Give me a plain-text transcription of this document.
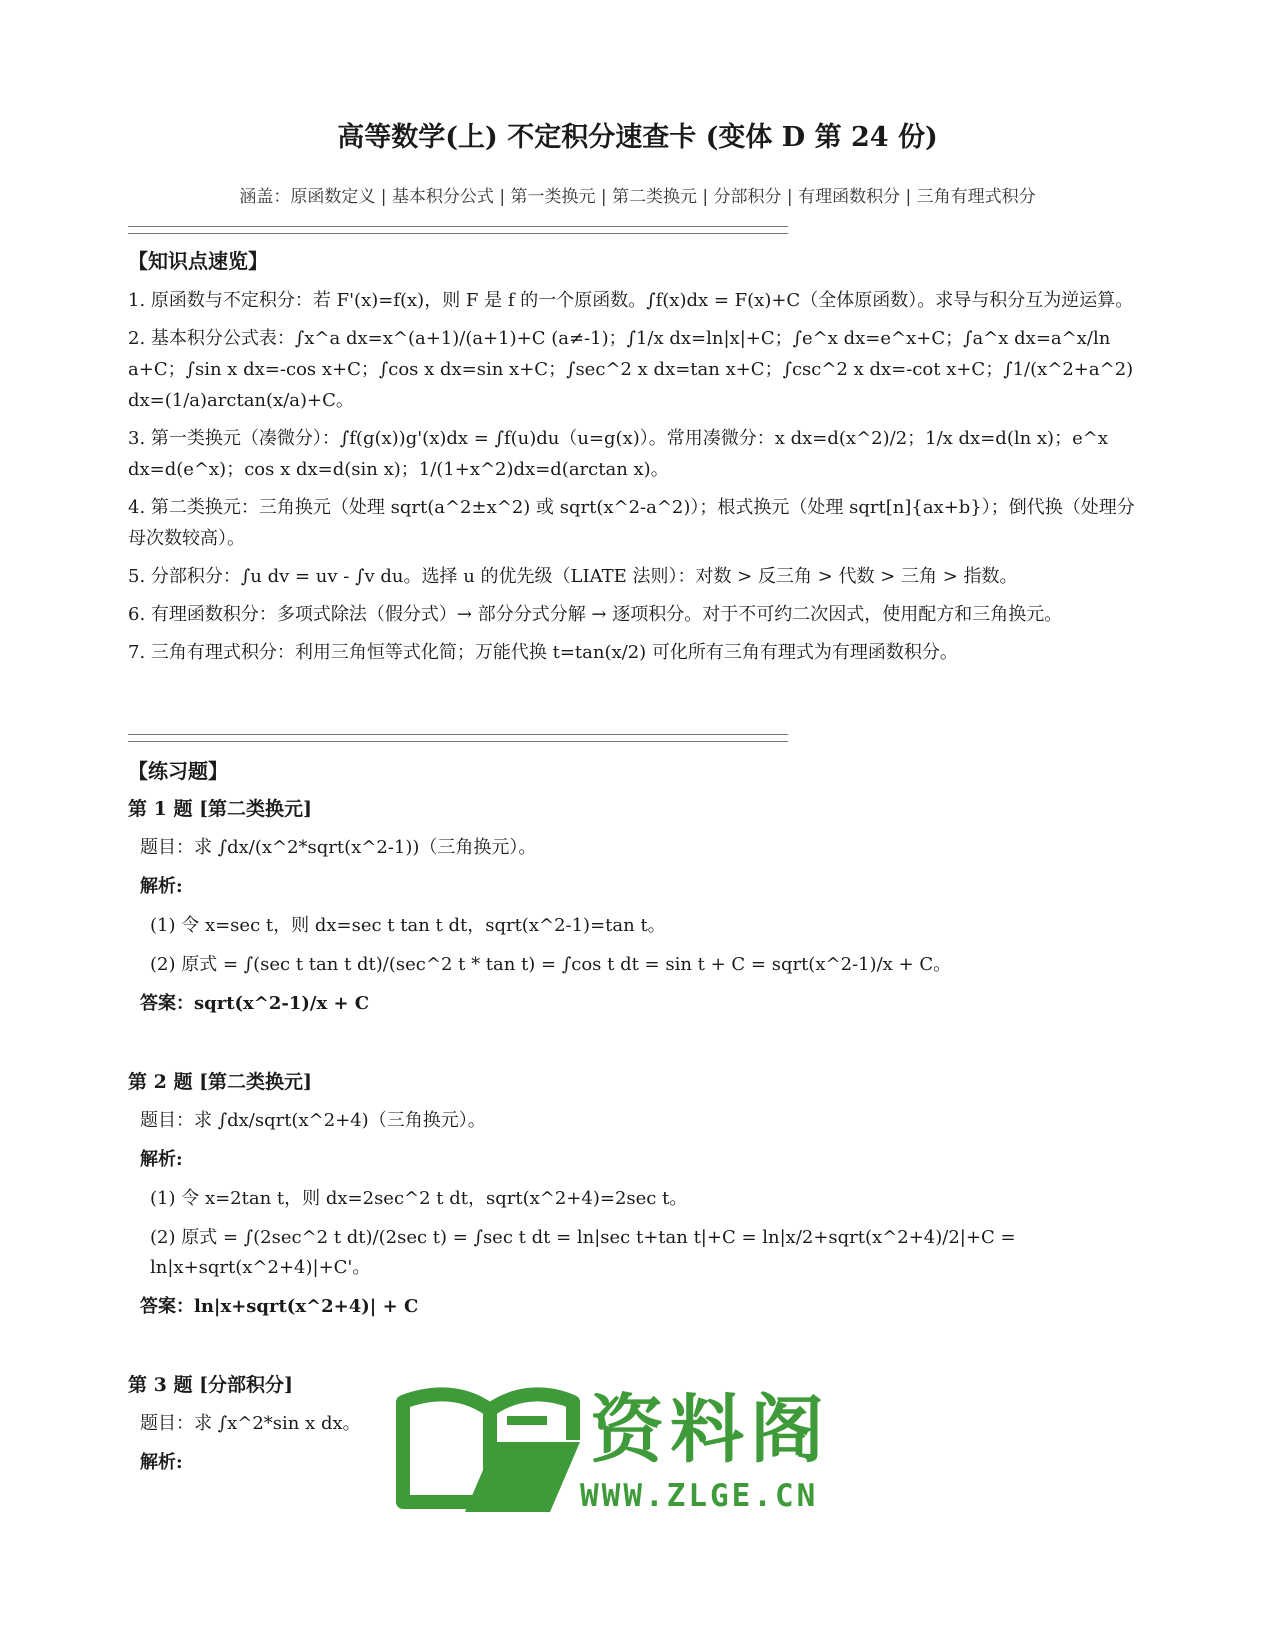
高等数学(上) 不定积分速查卡 (变体 D 第 24 份)
涵盖：原函数定义 | 基本积分公式 | 第一类换元 | 第二类换元 | 分部积分 | 有理函数积分 | 三角有理式积分
【知识点速览】

1. 原函数与不定积分：若 F'(x)=f(x)，则 F 是 f 的一个原函数。∫f(x)dx = F(x)+C（全体原函数）。求导与积分互为逆运算。

2. 基本积分公式表：∫x^a dx=x^(a+1)/(a+1)+C (a≠-1)；∫1/x dx=ln|x|+C；∫e^x dx=e^x+C；∫a^x dx=a^x/ln a+C；∫sin x dx=-cos x+C；∫cos x dx=sin x+C；∫sec^2 x dx=tan x+C；∫csc^2 x dx=-cot x+C；∫1/(x^2+a^2) dx=(1/a)arctan(x/a)+C。

3. 第一类换元（凑微分）：∫f(g(x))g'(x)dx = ∫f(u)du（u=g(x)）。常用凑微分：x dx=d(x^2)/2；1/x dx=d(ln x)；e^x dx=d(e^x)；cos x dx=d(sin x)；1/(1+x^2)dx=d(arctan x)。

4. 第二类换元：三角换元（处理 sqrt(a^2±x^2) 或 sqrt(x^2-a^2)）；根式换元（处理 sqrt[n]{ax+b}）；倒代换（处理分母次数较高）。

5. 分部积分：∫u dv = uv - ∫v du。选择 u 的优先级（LIATE 法则）：对数 > 反三角 > 代数 > 三角 > 指数。

6. 有理函数积分：多项式除法（假分式）→ 部分分式分解 → 逐项积分。对于不可约二次因式，使用配方和三角换元。

7. 三角有理式积分：利用三角恒等式化简；万能代换 t=tan(x/2) 可化所有三角有理式为有理函数积分。

【练习题】
第 1 题 [第二类换元]
题目：求 ∫dx/(x^2*sqrt(x^2-1))（三角换元）。
解析:
(1) 令 x=sec t，则 dx=sec t tan t dt，sqrt(x^2-1)=tan t。
(2) 原式 = ∫(sec t tan t dt)/(sec^2 t * tan t) = ∫cos t dt = sin t + C = sqrt(x^2-1)/x + C。
答案：sqrt(x^2-1)/x + C
第 2 题 [第二类换元]
题目：求 ∫dx/sqrt(x^2+4)（三角换元）。
解析:
(1) 令 x=2tan t，则 dx=2sec^2 t dt，sqrt(x^2+4)=2sec t。
(2) 原式 = ∫(2sec^2 t dt)/(2sec t) = ∫sec t dt = ln|sec t+tan t|+C = ln|x/2+sqrt(x^2+4)/2|+C = ln|x+sqrt(x^2+4)|+C'。
答案：ln|x+sqrt(x^2+4)| + C
第 3 题 [分部积分]
题目：求 ∫x^2*sin x dx。
解析:	资料阁
WWW.ZLGE.CN
